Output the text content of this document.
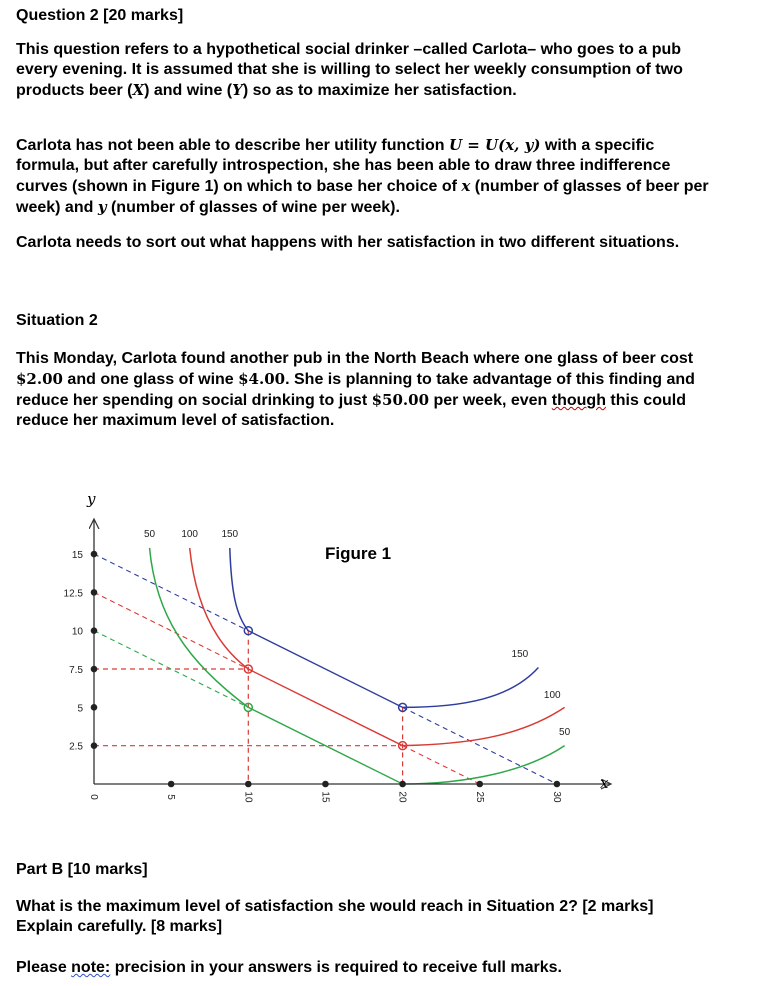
Question 2 [20 marks]

This question refers to a hypothetical social drinker –called Carlota– who goes to a pub every evening. It is assumed that she is willing to select her weekly consumption of two products beer (X) and wine (Y) so as to maximize her satisfaction.

Carlota has not been able to describe her utility function U = U(x, y) with a specific formula, but after carefully introspection, she has been able to draw three indifference curves (shown in Figure 1) on which to base her choice of x (number of glasses of beer per week) and y (number of glasses of wine per week).

Carlota needs to sort out what happens with her satisfaction in two different situations.

Situation 2

This Monday, Carlota found another pub in the North Beach where one glass of beer cost $2.00 and one glass of wine $4.00. She is planning to take advantage of this finding and reduce her spending on social drinking to just $50.00 per week, even though this could reduce her maximum level of satisfaction.

5	10	15	20	25	30
0
2.5
5
7.5
10
12.5
15
50	100 150
50
100
150
Figure 1
y
x
Part B [10 marks]

What is the maximum level of satisfaction she would reach in Situation 2? [2 marks] Explain carefully. [8 marks]

Please note: precision in your answers is required to receive full marks.
